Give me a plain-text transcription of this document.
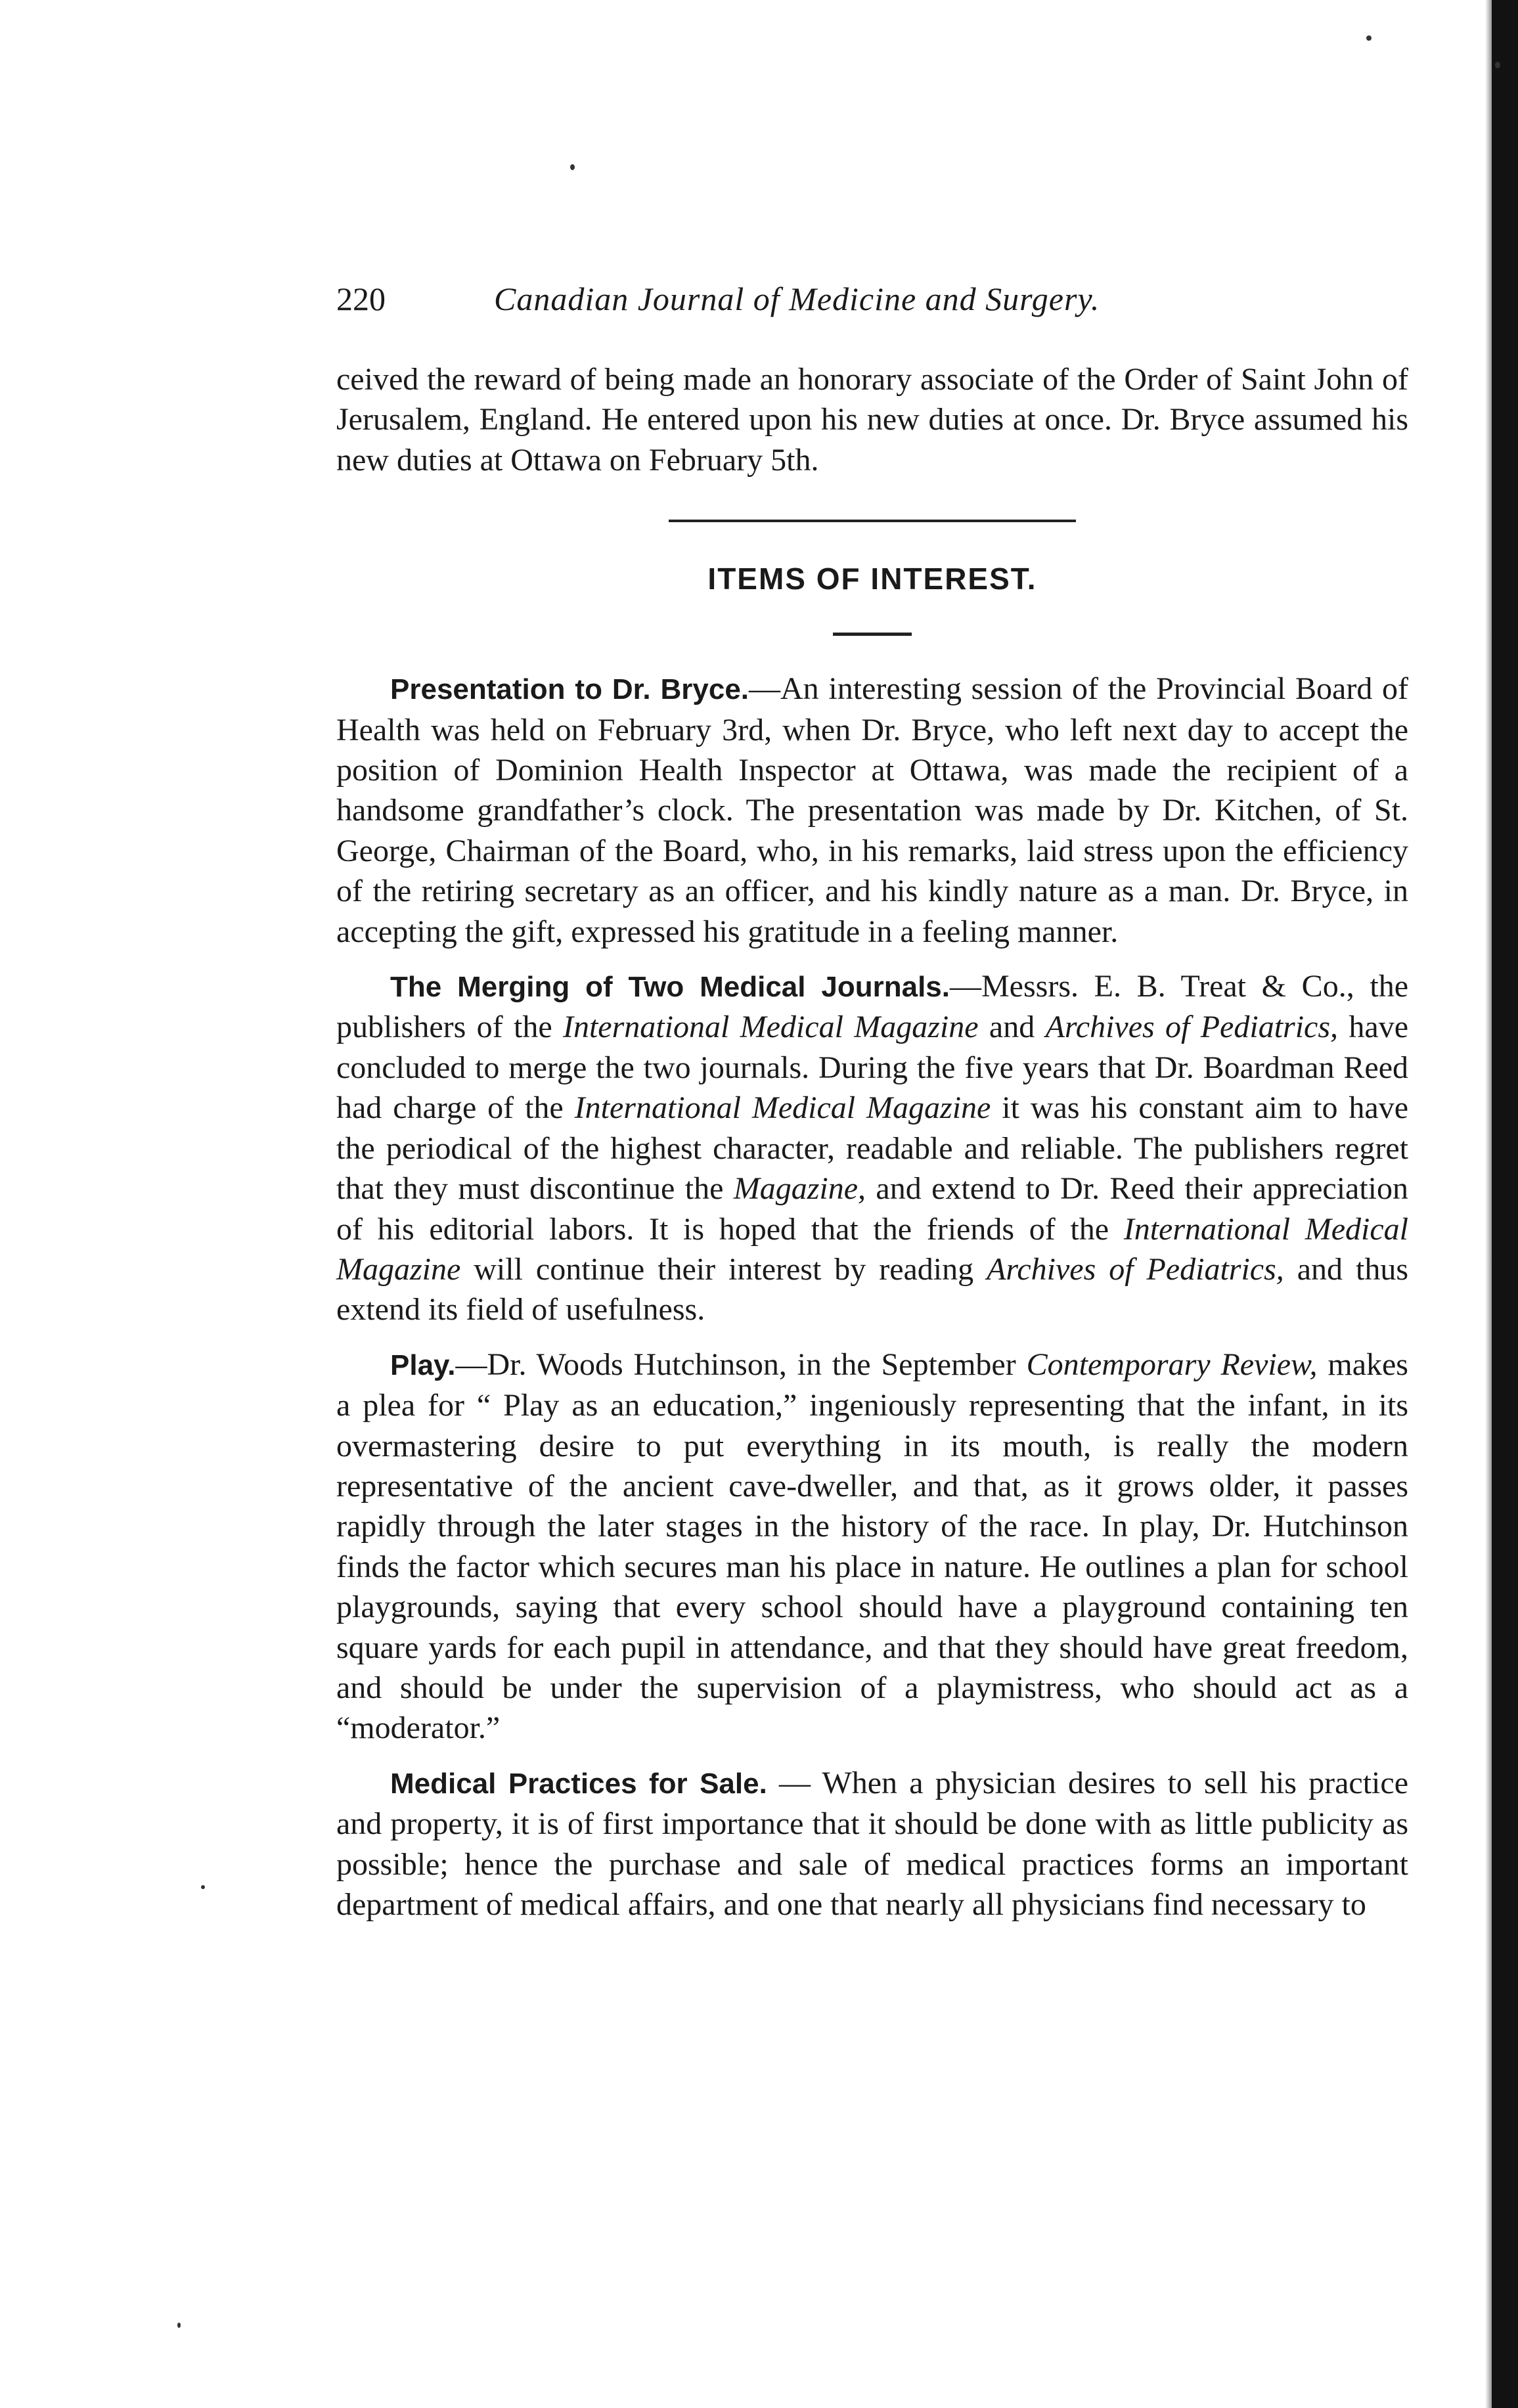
220	Canadian Journal of Medicine and Surgery.

ceived the reward of being made an honorary associate of the Order of Saint John of Jerusalem, England. He entered upon his new duties at once. Dr. Bryce assumed his new duties at Ottawa on February 5th.

ITEMS OF INTEREST.

Presentation to Dr. Bryce.—An interesting session of the Provincial Board of Health was held on February 3rd, when Dr. Bryce, who left next day to accept the position of Dominion Health Inspector at Ottawa, was made the recipient of a handsome grandfather’s clock. The presentation was made by Dr. Kitchen, of St. George, Chairman of the Board, who, in his remarks, laid stress upon the efficiency of the retiring secretary as an officer, and his kindly nature as a man. Dr. Bryce, in accepting the gift, expressed his gratitude in a feeling manner.

The Merging of Two Medical Journals.—Messrs. E. B. Treat & Co., the publishers of the International Medical Magazine and Archives of Pediatrics, have concluded to merge the two journals. During the five years that Dr. Boardman Reed had charge of the International Medical Magazine it was his constant aim to have the periodical of the highest character, readable and reliable. The publishers regret that they must discontinue the Magazine, and extend to Dr. Reed their appreciation of his editorial labors. It is hoped that the friends of the International Medical Magazine will continue their interest by reading Archives of Pediatrics, and thus extend its field of usefulness.

Play.—Dr. Woods Hutchinson, in the September Contemporary Review, makes a plea for “ Play as an education,” ingeniously representing that the infant, in its overmastering desire to put everything in its mouth, is really the modern representative of the ancient cave-dweller, and that, as it grows older, it passes rapidly through the later stages in the history of the race. In play, Dr. Hutchinson finds the factor which secures man his place in nature. He outlines a plan for school playgrounds, saying that every school should have a playground containing ten square yards for each pupil in attendance, and that they should have great freedom, and should be under the supervision of a playmistress, who should act as a “moderator.”

Medical Practices for Sale. — When a physician desires to sell his practice and property, it is of first importance that it should be done with as little publicity as possible; hence the purchase and sale of medical practices forms an important department of medical affairs, and one that nearly all physicians find necessary to
